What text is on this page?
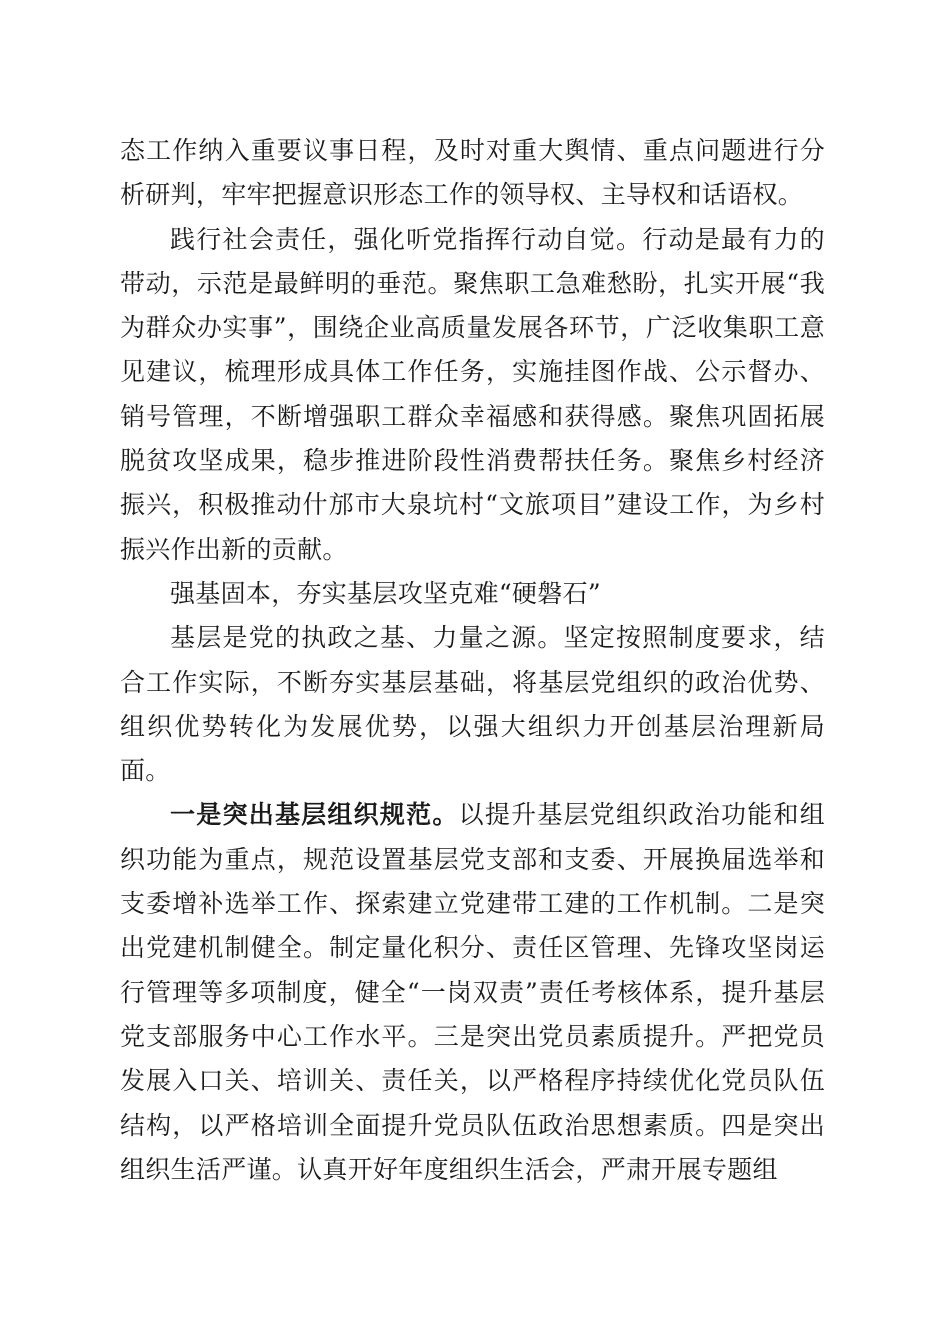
态工作纳入重要议事日程，及时对重大舆情、重点问题进行分析研判，牢牢把握意识形态工作的领导权、主导权和话语权。

践行社会责任，强化听党指挥行动自觉。行动是最有力的带动，示范是最鲜明的垂范。聚焦职工急难愁盼，扎实开展“我为群众办实事”，围绕企业高质量发展各环节，广泛收集职工意见建议，梳理形成具体工作任务，实施挂图作战、公示督办、销号管理，不断增强职工群众幸福感和获得感。聚焦巩固拓展脱贫攻坚成果，稳步推进阶段性消费帮扶任务。聚焦乡村经济振兴，积极推动什邡市大泉坑村“文旅项目”建设工作，为乡村振兴作出新的贡献。

强基固本，夯实基层攻坚克难“硬磐石”

基层是党的执政之基、力量之源。坚定按照制度要求，结合工作实际，不断夯实基层基础，将基层党组织的政治优势、组织优势转化为发展优势，以强大组织力开创基层治理新局面。

一是突出基层组织规范。以提升基层党组织政治功能和组织功能为重点，规范设置基层党支部和支委、开展换届选举和支委增补选举工作、探索建立党建带工建的工作机制。二是突出党建机制健全。制定量化积分、责任区管理、先锋攻坚岗运行管理等多项制度，健全“一岗双责”责任考核体系，提升基层党支部服务中心工作水平。三是突出党员素质提升。严把党员发展入口关、培训关、责任关，以严格程序持续优化党员队伍结构，以严格培训全面提升党员队伍政治思想素质。四是突出组织生活严谨。认真开好年度组织生活会，严肃开展专题组
